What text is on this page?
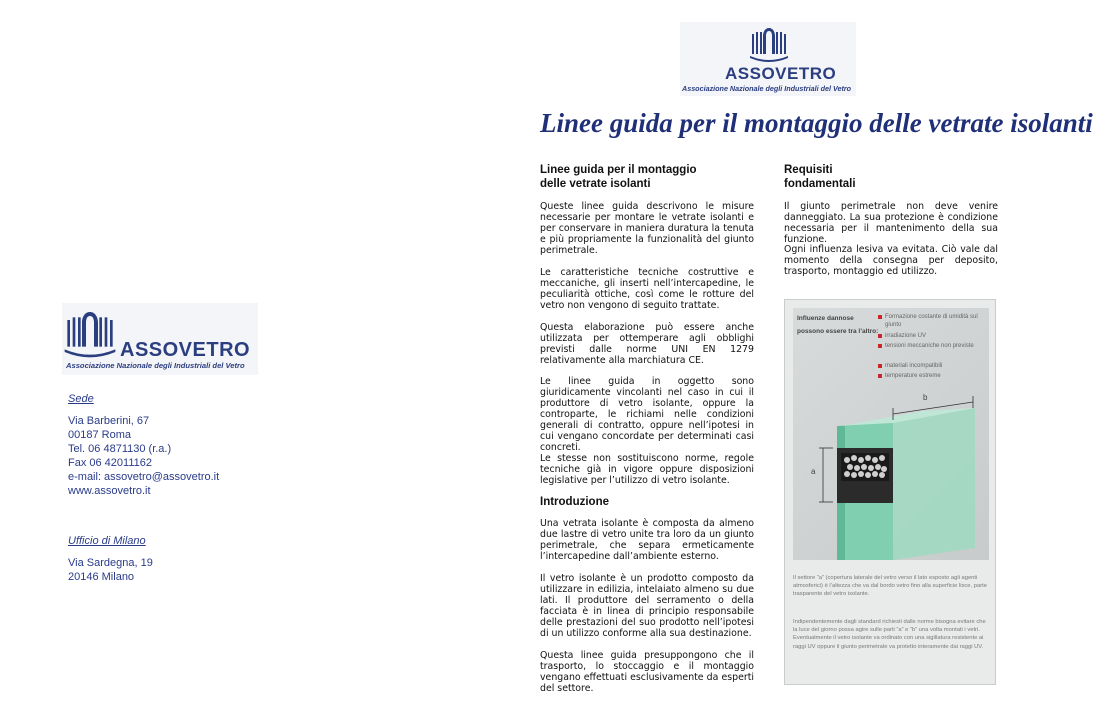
ASSOVETRO
Associazione Nazionale degli Industriali del Vetro
Linee guida per il montaggio delle vetrate isolanti
ASSOVETRO
Associazione Nazionale degli Industriali del Vetro
Sede
Via Barberini, 67
00187 Roma
Tel. 06 4871130 (r.a.)
Fax 06 42011162
e-mail: assovetro@assovetro.it
www.assovetro.it
Ufficio di Milano
Via Sardegna, 19
20146 Milano
Linee guida per il montaggio
delle vetrate isolanti
Queste linee guida descrivono le misure necessarie per montare le vetrate isolanti e per conservare in maniera duratura la tenuta e più propriamente la funzionalità del giunto perimetrale.
Le caratteristiche tecniche costruttive e meccaniche, gli inserti nell’intercapedine, le peculiarità ottiche, così come le rotture del vetro non vengono di seguito trattate.
Questa elaborazione può essere anche utilizzata per ottemperare agli obblighi previsti dalle norme UNI EN 1279 relativamente alla marchiatura CE.
Le linee guida in oggetto sono giuridicamente vincolanti nel caso in cui il produttore di vetro isolante, oppure la controparte, le richiami nelle condizioni generali di contratto, oppure nell’ipotesi in cui vengano concordate per determinati casi concreti.
Le stesse non sostituiscono norme, regole tecniche già in vigore oppure disposizioni legislative per l’utilizzo di vetro isolante.
Introduzione
Una vetrata isolante è composta da almeno due lastre di vetro unite tra loro da un giunto perimetrale, che separa ermeticamente l’intercapedine dall’ambiente esterno.
Il vetro isolante è un prodotto composto da utilizzare in edilizia, intelaiato almeno su due lati. Il produttore del serramento o della facciata è in linea di principio responsabile delle prestazioni del suo prodotto nell’ipotesi di un utilizzo conforme alla sua destinazione.
Questa linee guida presuppongono che il trasporto, lo stoccaggio e il montaggio vengano effettuati esclusivamente da esperti del settore.
Requisiti
fondamentali
Il giunto perimetrale non deve venire danneggiato. La sua protezione è condizione necessaria per il mantenimento della sua funzione.
Ogni influenza lesiva va evitata. Ciò vale dal momento della consegna per deposito, trasporto, montaggio ed utilizzo.
b
a
Influenze dannose
possono essere tra l’altro:
Formazione costante di umidità sul giunto
irradiazione UV
tensioni meccaniche non previste
materiali incompatibili
temperature estreme
Il settore “a” (copertura laterale del vetro verso il lato esposto agli agenti atmosferici) è l’altezza che va dal bordo vetro fino alla superficie lisce, parte trasparente del vetro isolante.
Indipendentemente dagli standard richiesti dalle norme bisogna evitare che la luce del giorno possa agire sulle parti “a” e “b” una volta montati i vetri. Eventualmente il vetro isolante va ordinato con una sigillatura resistente ai raggi UV oppure il giunto perimetrale va protetto interamente dai raggi UV.
